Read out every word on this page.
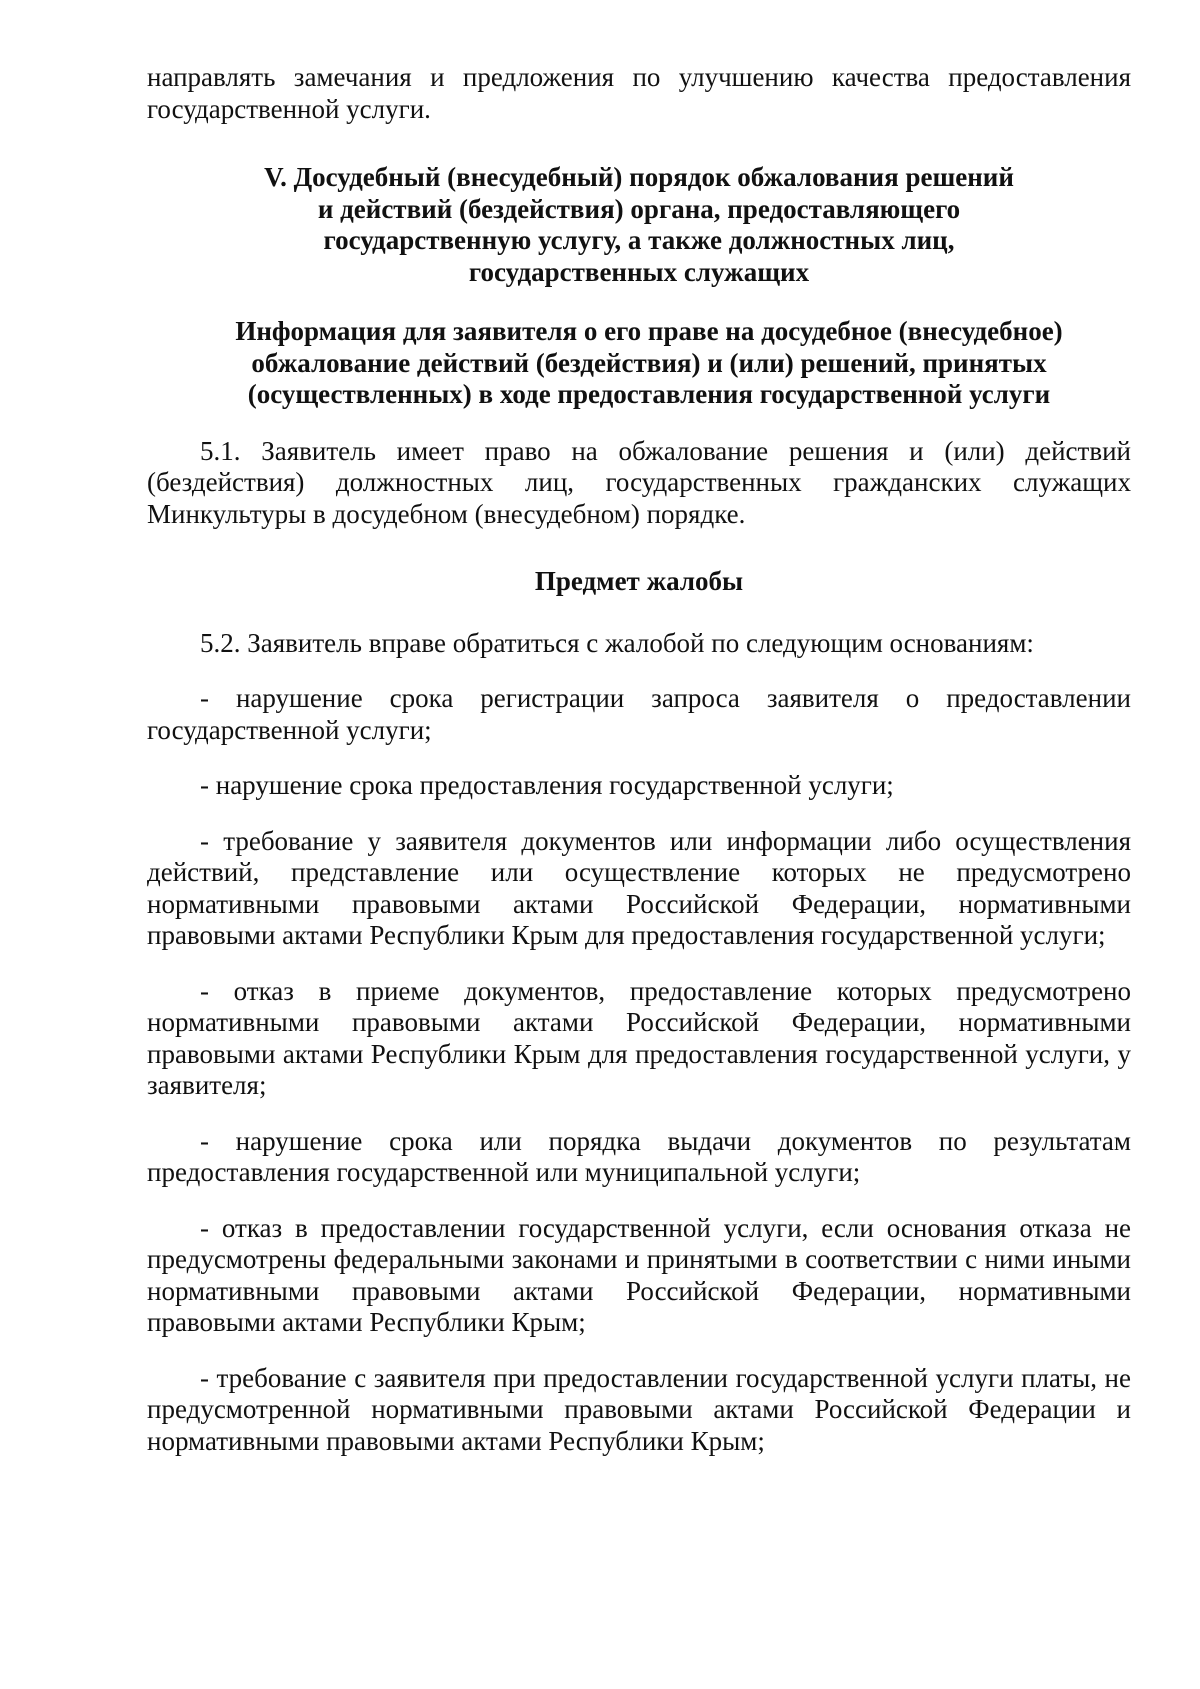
направлять замечания и предложения по улучшению качества предоставления государственной услуги.

V. Досудебный (внесудебный) порядок обжалования решений
и действий (бездействия) органа, предоставляющего
государственную услугу, а также должностных лиц,
государственных служащих
Информация для заявителя о его праве на досудебное (внесудебное)
обжалование действий (бездействия) и (или) решений, принятых
(осуществленных) в ходе предоставления государственной услуги

5.1. Заявитель имеет право на обжалование решения и (или) действий (бездействия) должностных лиц, государственных гражданских служащих Минкультуры в досудебном (внесудебном) порядке.

Предмет жалобы

5.2. Заявитель вправе обратиться с жалобой по следующим основаниям:

- нарушение срока регистрации запроса заявителя о предоставлении государственной услуги;

- нарушение срока предоставления государственной услуги;

- требование у заявителя документов или информации либо осуществления действий, представление или осуществление которых не предусмотрено нормативными правовыми актами Российской Федерации, нормативными правовыми актами Республики Крым для предоставления государственной услуги;

- отказ в приеме документов, предоставление которых предусмотрено нормативными правовыми актами Российской Федерации, нормативными правовыми актами Республики Крым для предоставления государственной услуги, у заявителя;

- нарушение срока или порядка выдачи документов по результатам предоставления государственной или муниципальной услуги;

- отказ в предоставлении государственной услуги, если основания отказа не предусмотрены федеральными законами и принятыми в соответствии с ними иными нормативными правовыми актами Российской Федерации, нормативными правовыми актами Республики Крым;

- требование с заявителя при предоставлении государственной услуги платы, не предусмотренной нормативными правовыми актами Российской Федерации и нормативными правовыми актами Республики Крым;
